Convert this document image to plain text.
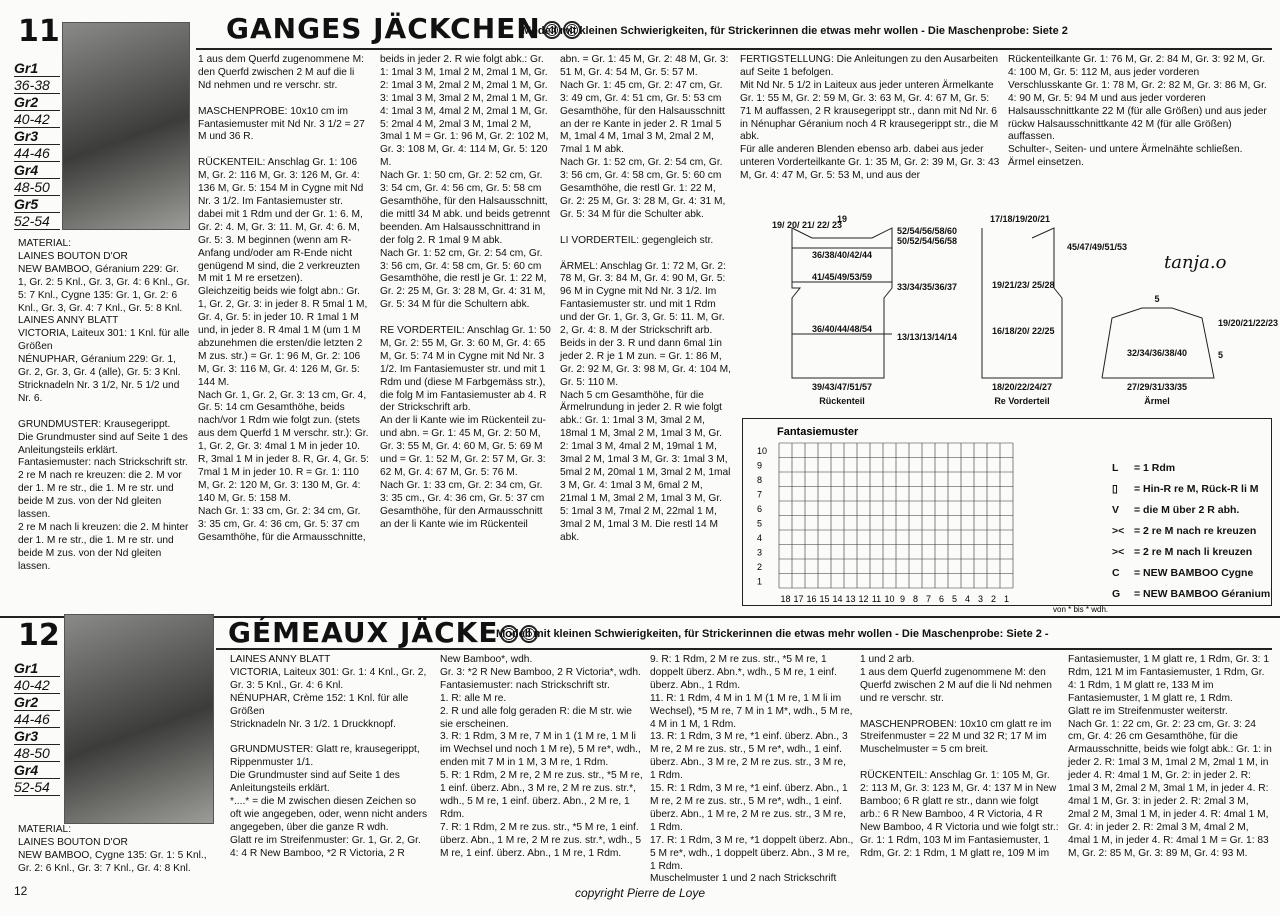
11
Gr1
36-38
Gr2
40-42
Gr3
44-46
Gr4
48-50
Gr5
52-54
GANGES JÄCKCHEN
Modell mit kleinen Schwierigkeiten, für Strickerinnen die etwas mehr wollen - Die Maschenprobe: Siete 2
MATERIAL:
LAINES BOUTON D'OR
NEW BAMBOO, Géranium 229: Gr. 1, Gr. 2: 5 Knl., Gr. 3, Gr. 4: 6 Knl., Gr. 5: 7 Knl., Cygne 135: Gr. 1, Gr. 2: 6 Knl., Gr. 3, Gr. 4: 7 Knl., Gr. 5: 8 Knl.
LAINES ANNY BLATT
VICTORIA, Laiteux 301: 1 Knl. für alle Größen
NÉNUPHAR, Géranium 229: Gr. 1, Gr. 2, Gr. 3, Gr. 4 (alle), Gr. 5: 3 Knl. Stricknadeln Nr. 3 1/2, Nr. 5 1/2 und Nr. 6.

GRUNDMUSTER: Krausegerippt.
Die Grundmuster sind auf Seite 1 des Anleitungsteils erklärt.
Fantasiemuster: nach Strickschrift str.
2 re M nach re kreuzen: die 2. M vor der 1. M re str., die 1. M re str. und beide M zus. von der Nd gleiten lassen.
2 re M nach li kreuzen: die 2. M hinter der 1. M re str., die 1. M re str. und beide M zus. von der Nd gleiten lassen.
1 aus dem Querfd zugenommene M: den Querfd zwischen 2 M auf die li Nd nehmen und re verschr. str.

MASCHENPROBE: 10x10 cm im Fantasiemuster mit Nd Nr. 3 1/2 = 27 M und 36 R.

RÜCKENTEIL: Anschlag Gr. 1: 106 M, Gr. 2: 116 M, Gr. 3: 126 M, Gr. 4: 136 M, Gr. 5: 154 M in Cygne mit Nd Nr. 3 1/2. Im Fantasiemuster str. dabei mit 1 Rdm und der Gr. 1: 6. M, Gr. 2: 4. M, Gr. 3: 11. M, Gr. 4: 6. M, Gr. 5: 3. M beginnen (wenn am R-Anfang und/oder am R-Ende nicht genügend M sind, die 2 verkreuzten M mit 1 M re ersetzen).
Gleichzeitig beids wie folgt abn.: Gr. 1, Gr. 2, Gr. 3: in jeder 8. R 5mal 1 M, Gr. 4, Gr. 5: in jeder 10. R 1mal 1 M und, in jeder 8. R 4mal 1 M (um 1 M abzunehmen die ersten/die letzten 2 M zus. str.) = Gr. 1: 96 M, Gr. 2: 106 M, Gr. 3: 116 M, Gr. 4: 126 M, Gr. 5: 144 M.
Nach Gr. 1, Gr. 2, Gr. 3: 13 cm, Gr. 4, Gr. 5: 14 cm Gesamthöhe, beids nach/vor 1 Rdm wie folgt zun. (stets aus dem Querfd 1 M verschr. str.): Gr. 1, Gr. 2, Gr. 3: 4mal 1 M in jeder 10. R, 3mal 1 M in jeder 8. R, Gr. 4, Gr. 5: 7mal 1 M in jeder 10. R = Gr. 1: 110 M, Gr. 2: 120 M, Gr. 3: 130 M, Gr. 4: 140 M, Gr. 5: 158 M.
Nach Gr. 1: 33 cm, Gr. 2: 34 cm, Gr. 3: 35 cm, Gr. 4: 36 cm, Gr. 5: 37 cm Gesamthöhe, für die Armausschnitte,
beids in jeder 2. R wie folgt abk.: Gr. 1: 1mal 3 M, 1mal 2 M, 2mal 1 M, Gr. 2: 1mal 3 M, 2mal 2 M, 2mal 1 M, Gr. 3: 1mal 3 M, 3mal 2 M, 2mal 1 M, Gr. 4: 1mal 3 M, 4mal 2 M, 2mal 1 M, Gr. 5: 2mal 4 M, 2mal 3 M, 1mal 2 M, 3mal 1 M = Gr. 1: 96 M, Gr. 2: 102 M, Gr. 3: 108 M, Gr. 4: 114 M, Gr. 5: 120 M.
Nach Gr. 1: 50 cm, Gr. 2: 52 cm, Gr. 3: 54 cm, Gr. 4: 56 cm, Gr. 5: 58 cm Gesamthöhe, für den Halsausschnitt, die mittl 34 M abk. und beids getrennt beenden. Am Halsausschnittrand in der folg 2. R 1mal 9 M abk.
Nach Gr. 1: 52 cm, Gr. 2: 54 cm, Gr. 3: 56 cm, Gr. 4: 58 cm, Gr. 5: 60 cm Gesamthöhe, die restl je Gr. 1: 22 M, Gr. 2: 25 M, Gr. 3: 28 M, Gr. 4: 31 M, Gr. 5: 34 M für die Schultern abk.

RE VORDERTEIL: Anschlag Gr. 1: 50 M, Gr. 2: 55 M, Gr. 3: 60 M, Gr. 4: 65 M, Gr. 5: 74 M in Cygne mit Nd Nr. 3 1/2. Im Fantasiemuster str. und mit 1 Rdm und (diese M Farbgemäss str.), die folg M im Fantasiemuster ab 4. R der Strickschrift arb.
An der li Kante wie im Rückenteil zu- und abn. = Gr. 1: 45 M, Gr. 2: 50 M, Gr. 3: 55 M, Gr. 4: 60 M, Gr. 5: 69 M und = Gr. 1: 52 M, Gr. 2: 57 M, Gr. 3: 62 M, Gr. 4: 67 M, Gr. 5: 76 M.
Nach Gr. 1: 33 cm, Gr. 2: 34 cm, Gr. 3: 35 cm., Gr. 4: 36 cm, Gr. 5: 37 cm Gesamthöhe, für den Armausschnitt an der li Kante wie im Rückenteil
abn. = Gr. 1: 45 M, Gr. 2: 48 M, Gr. 3: 51 M, Gr. 4: 54 M, Gr. 5: 57 M.
Nach Gr. 1: 45 cm, Gr. 2: 47 cm, Gr. 3: 49 cm, Gr. 4: 51 cm, Gr. 5: 53 cm Gesamthöhe, für den Halsausschnitt an der re Kante in jeder 2. R 1mal 5 M, 1mal 4 M, 1mal 3 M, 2mal 2 M, 7mal 1 M abk.
Nach Gr. 1: 52 cm, Gr. 2: 54 cm, Gr. 3: 56 cm, Gr. 4: 58 cm, Gr. 5: 60 cm Gesamthöhe, die restl Gr. 1: 22 M, Gr. 2: 25 M, Gr. 3: 28 M, Gr. 4: 31 M, Gr. 5: 34 M für die Schulter abk.

LI VORDERTEIL: gegengleich str.

ÄRMEL: Anschlag Gr. 1: 72 M, Gr. 2: 78 M, Gr. 3: 84 M, Gr. 4: 90 M, Gr. 5: 96 M in Cygne mit Nd Nr. 3 1/2. Im Fantasiemuster str. und mit 1 Rdm und der Gr. 1, Gr. 3, Gr. 5: 11. M, Gr. 2, Gr. 4: 8. M der Strickschrift arb. Beids in der 3. R und dann 6mal 1in jeder 2. R je 1 M zun. = Gr. 1: 86 M, Gr. 2: 92 M, Gr. 3: 98 M, Gr. 4: 104 M, Gr. 5: 110 M.
Nach 5 cm Gesamthöhe, für die Ärmelrundung in jeder 2. R wie folgt abk.: Gr. 1: 1mal 3 M, 3mal 2 M, 18mal 1 M, 3mal 2 M, 1mal 3 M, Gr. 2: 1mal 3 M, 4mal 2 M, 19mal 1 M, 3mal 2 M, 1mal 3 M, Gr. 3: 1mal 3 M, 5mal 2 M, 20mal 1 M, 3mal 2 M, 1mal 3 M, Gr. 4: 1mal 3 M, 6mal 2 M, 21mal 1 M, 3mal 2 M, 1mal 3 M, Gr. 5: 1mal 3 M, 7mal 2 M, 22mal 1 M, 3mal 2 M, 1mal 3 M. Die restl 14 M abk.
FERTIGSTELLUNG: Die Anleitungen zu den Ausarbeiten auf Seite 1 befolgen.
Mit Nd Nr. 5 1/2 in Laiteux aus jeder unteren Ärmelkante Gr. 1: 55 M, Gr. 2: 59 M, Gr. 3: 63 M, Gr. 4: 67 M, Gr. 5: 71 M auffassen, 2 R krausegerippt str., dann mit Nd Nr. 6 in Nénuphar Géranium noch 4 R krausegerippt str., die M abk.
Für alle anderen Blenden ebenso arb. dabei aus jeder unteren Vorderteilkante Gr. 1: 35 M, Gr. 2: 39 M, Gr. 3: 43 M, Gr. 4: 47 M, Gr. 5: 53 M, und aus der
Rückenteilkante Gr. 1: 76 M, Gr. 2: 84 M, Gr. 3: 92 M, Gr. 4: 100 M, Gr. 5: 112 M, aus jeder vorderen Verschlusskante Gr. 1: 78 M, Gr. 2: 82 M, Gr. 3: 86 M, Gr. 4: 90 M, Gr. 5: 94 M und aus jeder vorderen Halsausschnittkante 22 M (für alle Größen) und aus jeder rückw Halsausschnittkante 42 M (für alle Größen) auffassen.
Schulter-, Seiten- und untere Ärmelnähte schließen. Ärmel einsetzen.
19
19/ 20/ 21/ 22/ 23
36/38/40/42/44
41/45/49/53/59
36/40/44/48/54
39/43/47/51/57
Rückenteil
52/54/56/58/60
50/52/54/56/58
33/34/35/36/37
13/13/13/14/14
17/18/19/20/21
45/47/49/51/53
19/21/23/ 25/28
16/18/20/ 22/25
18/20/22/24/27
Re Vorderteil
5
19/20/21/22/23
32/34/36/38/40	5
27/29/31/33/35
Ärmel
tanja.o
Fantasiemuster
10
9
8
7
6
5
4
3
2
1
18 17 16 15 14 13 12 11 10 9 8 7 6 5 4 3 2 1
von * bis * wdh.
L = 1 Rdm
▯ = Hin-R re M, Rück-R li M
V = die M über 2 R abh.
>< = 2 re M nach re kreuzen
>< = 2 re M nach li kreuzen
C = NEW BAMBOO Cygne
G = NEW BAMBOO Géranium
12
Gr1
40-42
Gr2
44-46
Gr3
48-50
Gr4
52-54
GÉMEAUX JÄCKE
Modell mit kleinen Schwierigkeiten, für Strickerinnen die etwas mehr wollen - Die Maschenprobe: Siete 2 -
MATERIAL:
LAINES BOUTON D'OR
NEW BAMBOO, Cygne 135: Gr. 1: 5 Knl., Gr. 2: 6 Knl., Gr. 3: 7 Knl., Gr. 4: 8 Knl.
LAINES ANNY BLATT
VICTORIA, Laiteux 301: Gr. 1: 4 Knl., Gr. 2, Gr. 3: 5 Knl., Gr. 4: 6 Knl.
NÉNUPHAR, Crème 152: 1 Knl. für alle Größen
Stricknadeln Nr. 3 1/2. 1 Druckknopf.

GRUNDMUSTER: Glatt re, krausegerippt, Rippenmuster 1/1.
Die Grundmuster sind auf Seite 1 des Anleitungsteils erklärt.
*....* = die M zwischen diesen Zeichen so oft wie angegeben, oder, wenn nicht anders angegeben, über die ganze R wdh.
Glatt re im Streifenmuster: Gr. 1, Gr. 2, Gr. 4: 4 R New Bamboo, *2 R Victoria, 2 R
New Bamboo*, wdh.
Gr. 3: *2 R New Bamboo, 2 R Victoria*, wdh.
Fantasiemuster: nach Strickschrift str.
1. R: alle M re.
2. R und alle folg geraden R: die M str. wie sie erscheinen.
3. R: 1 Rdm, 3 M re, 7 M in 1 (1 M re, 1 M li im Wechsel und noch 1 M re), 5 M re*, wdh., enden mit 7 M in 1 M, 3 M re, 1 Rdm.
5. R: 1 Rdm, 2 M re, 2 M re zus. str., *5 M re, 1 einf. überz. Abn., 3 M re, 2 M re zus. str.*, wdh., 5 M re, 1 einf. überz. Abn., 2 M re, 1 Rdm.
7. R: 1 Rdm, 2 M re zus. str., *5 M re, 1 einf. überz. Abn., 1 M re, 2 M re zus. str.*, wdh., 5 M re, 1 einf. überz. Abn., 1 M re, 1 Rdm.
9. R: 1 Rdm, 2 M re zus. str., *5 M re, 1 doppelt überz. Abn.*, wdh., 5 M re, 1 einf. überz. Abn., 1 Rdm.
11. R: 1 Rdm, 4 M in 1 M (1 M re, 1 M li im Wechsel), *5 M re, 7 M in 1 M*, wdh., 5 M re, 4 M in 1 M, 1 Rdm.
13. R: 1 Rdm, 3 M re, *1 einf. überz. Abn., 3 M re, 2 M re zus. str., 5 M re*, wdh., 1 einf. überz. Abn., 3 M re, 2 M re zus. str., 3 M re, 1 Rdm.
15. R: 1 Rdm, 3 M re, *1 einf. überz. Abn., 1 M re, 2 M re zus. str., 5 M re*, wdh., 1 einf. überz. Abn., 1 M re, 2 M re zus. str., 3 M re, 1 Rdm.
17. R: 1 Rdm, 3 M re, *1 doppelt überz. Abn., 5 M re*, wdh., 1 doppelt überz. Abn., 3 M re, 1 Rdm.
Muschelmuster 1 und 2 nach Strickschrift
1 und 2 arb.
1 aus dem Querfd zugenommene M: den Querfd zwischen 2 M auf die li Nd nehmen und re verschr. str.

MASCHENPROBEN: 10x10 cm glatt re im Streifenmuster = 22 M und 32 R; 17 M im Muschelmuster = 5 cm breit.

RÜCKENTEIL: Anschlag Gr. 1: 105 M, Gr. 2: 113 M, Gr. 3: 123 M, Gr. 4: 137 M in New Bamboo; 6 R glatt re str., dann wie folgt arb.: 6 R New Bamboo, 4 R Victoria, 4 R New Bamboo, 4 R Victoria und wie folgt str.: Gr. 1: 1 Rdm, 103 M im Fantasiemuster, 1 Rdm, Gr. 2: 1 Rdm, 1 M glatt re, 109 M im
Fantasiemuster, 1 M glatt re, 1 Rdm, Gr. 3: 1 Rdm, 121 M im Fantasiemuster, 1 Rdm, Gr. 4: 1 Rdm, 1 M glatt re, 133 M im Fantasiemuster, 1 M glatt re, 1 Rdm.
Glatt re im Streifenmuster weiterstr.
Nach Gr. 1: 22 cm, Gr. 2: 23 cm, Gr. 3: 24 cm, Gr. 4: 26 cm Gesamthöhe, für die Armausschnitte, beids wie folgt abk.: Gr. 1: in jeder 2. R: 1mal 3 M, 1mal 2 M, 2mal 1 M, in jeder 4. R: 4mal 1 M, Gr. 2: in jeder 2. R: 1mal 3 M, 2mal 2 M, 3mal 1 M, in jeder 4. R: 4mal 1 M, Gr. 3: in jeder 2. R: 2mal 3 M, 2mal 2 M, 3mal 1 M, in jeder 4. R: 4mal 1 M, Gr. 4: in jeder 2. R: 2mal 3 M, 4mal 2 M, 4mal 1 M, in jeder 4. R: 4mal 1 M = Gr. 1: 83 M, Gr. 2: 85 M, Gr. 3: 89 M, Gr. 4: 93 M.
12	copyright Pierre de Loye
